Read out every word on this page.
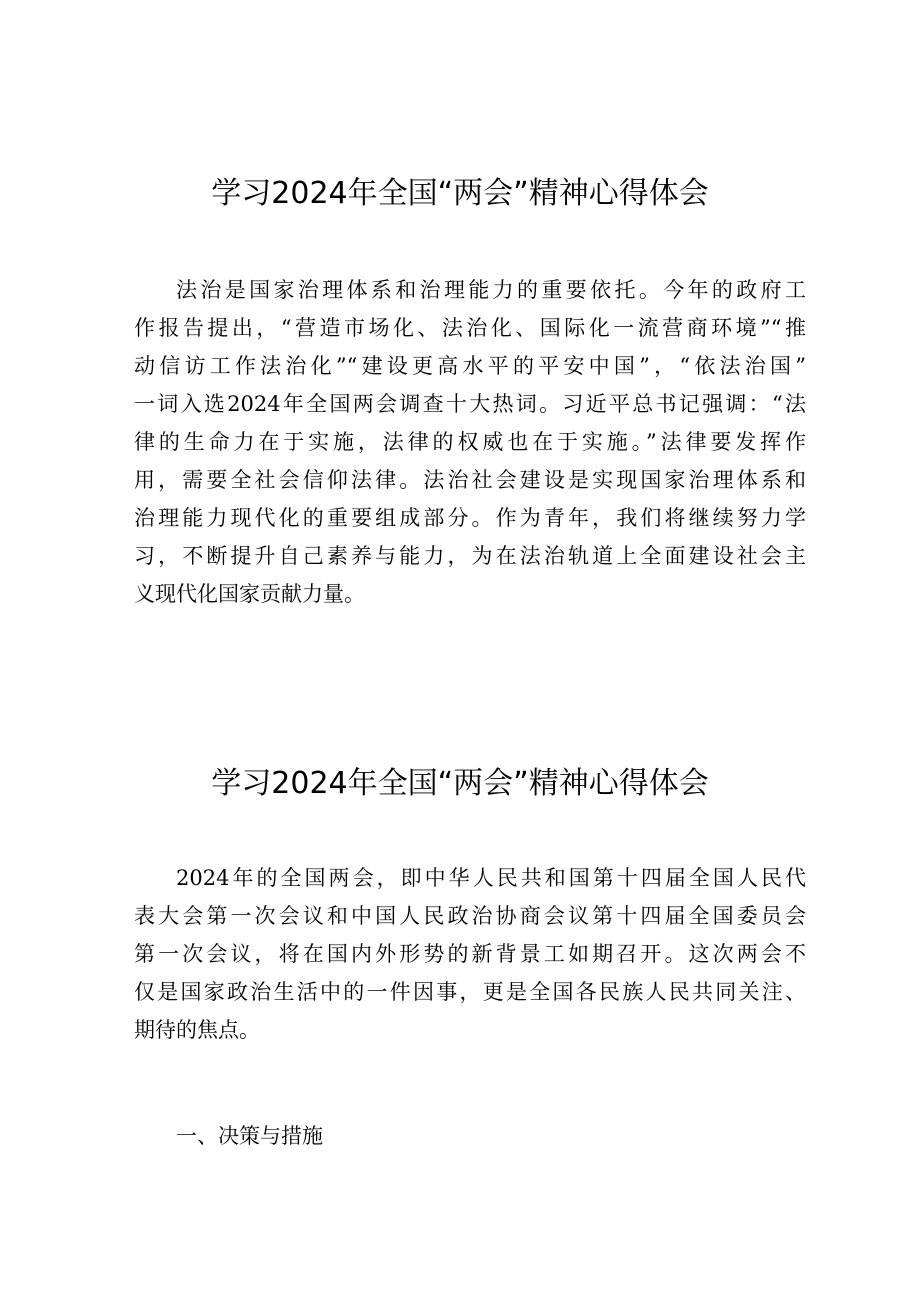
学习2024年全国“两会”精神心得体会
法治是国家治理体系和治理能力的重要依托。今年的政府工
作报告提出，“营造市场化、法治化、国际化一流营商环境”“推
动信访工作法治化”“建设更高水平的平安中国”，“依法治国”
一词入选2024年全国两会调查十大热词。习近平总书记强调：“法
律的生命力在于实施，法律的权威也在于实施。”法律要发挥作
用，需要全社会信仰法律。法治社会建设是实现国家治理体系和
治理能力现代化的重要组成部分。作为青年，我们将继续努力学
习，不断提升自己素养与能力，为在法治轨道上全面建设社会主
义现代化国家贡献力量。
学习2024年全国“两会”精神心得体会
2024年的全国两会，即中华人民共和国第十四届全国人民代
表大会第一次会议和中国人民政治协商会议第十四届全国委员会
第一次会议，将在国内外形势的新背景工如期召开。这次两会不
仅是国家政治生活中的一件因事，更是全国各民族人民共同关注、
期待的焦点。
一、决策与措施
